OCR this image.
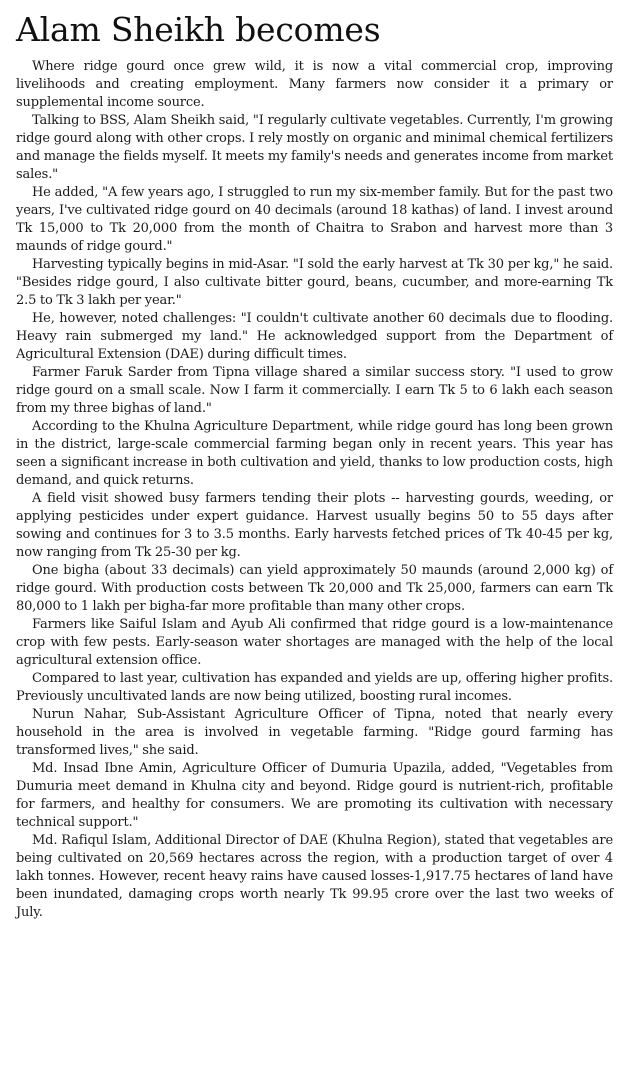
Alam Sheikh becomes

Where ridge gourd once grew wild, it is now a vital commercial crop, improving livelihoods and creating employment. Many farmers now consider it a primary or supplemental income source.

Talking to BSS, Alam Sheikh said, "I regularly cultivate vegetables. Currently, I'm growing ridge gourd along with other crops. I rely mostly on organic and minimal chemical fertilizers and manage the fields myself. It meets my family's needs and generates income from market sales."

He added, "A few years ago, I struggled to run my six-member family. But for the past two years, I've cultivated ridge gourd on 40 decimals (around 18 kathas) of land. I invest around Tk 15,000 to Tk 20,000 from the month of Chaitra to Srabon and harvest more than 3 maunds of ridge gourd."

Harvesting typically begins in mid-Asar. "I sold the early harvest at Tk 30 per kg," he said. "Besides ridge gourd, I also cultivate bitter gourd, beans, cucumber, and more-earning Tk 2.5 to Tk 3 lakh per year."

He, however, noted challenges: "I couldn't cultivate another 60 decimals due to flooding. Heavy rain submerged my land." He acknowledged support from the Department of Agricultural Extension (DAE) during difficult times.

Farmer Faruk Sarder from Tipna village shared a similar success story. "I used to grow ridge gourd on a small scale. Now I farm it commercially. I earn Tk 5 to 6 lakh each season from my three bighas of land."

According to the Khulna Agriculture Department, while ridge gourd has long been grown in the district, large-scale commercial farming began only in recent years. This year has seen a significant increase in both cultivation and yield, thanks to low production costs, high demand, and quick returns.

A field visit showed busy farmers tending their plots -- harvesting gourds, weeding, or applying pesticides under expert guidance. Harvest usually begins 50 to 55 days after sowing and continues for 3 to 3.5 months. Early harvests fetched prices of Tk 40-45 per kg, now ranging from Tk 25-30 per kg.

One bigha (about 33 decimals) can yield approximately 50 maunds (around 2,000 kg) of ridge gourd. With production costs between Tk 20,000 and Tk 25,000, farmers can earn Tk 80,000 to 1 lakh per bigha-far more profitable than many other crops.

Farmers like Saiful Islam and Ayub Ali confirmed that ridge gourd is a low-maintenance crop with few pests. Early-season water shortages are managed with the help of the local agricultural extension office.

Compared to last year, cultivation has expanded and yields are up, offering higher profits. Previously uncultivated lands are now being utilized, boosting rural incomes.

Nurun Nahar, Sub-Assistant Agriculture Officer of Tipna, noted that nearly every household in the area is involved in vegetable farming. "Ridge gourd farming has transformed lives," she said.

Md. Insad Ibne Amin, Agriculture Officer of Dumuria Upazila, added, "Vegetables from Dumuria meet demand in Khulna city and beyond. Ridge gourd is nutrient-rich, profitable for farmers, and healthy for consumers. We are promoting its cultivation with necessary technical support."

Md. Rafiqul Islam, Additional Director of DAE (Khulna Region), stated that vegetables are being cultivated on 20,569 hectares across the region, with a production target of over 4 lakh tonnes. However, recent heavy rains have caused losses-1,917.75 hectares of land have been inundated, damaging crops worth nearly Tk 99.95 crore over the last two weeks of July.
